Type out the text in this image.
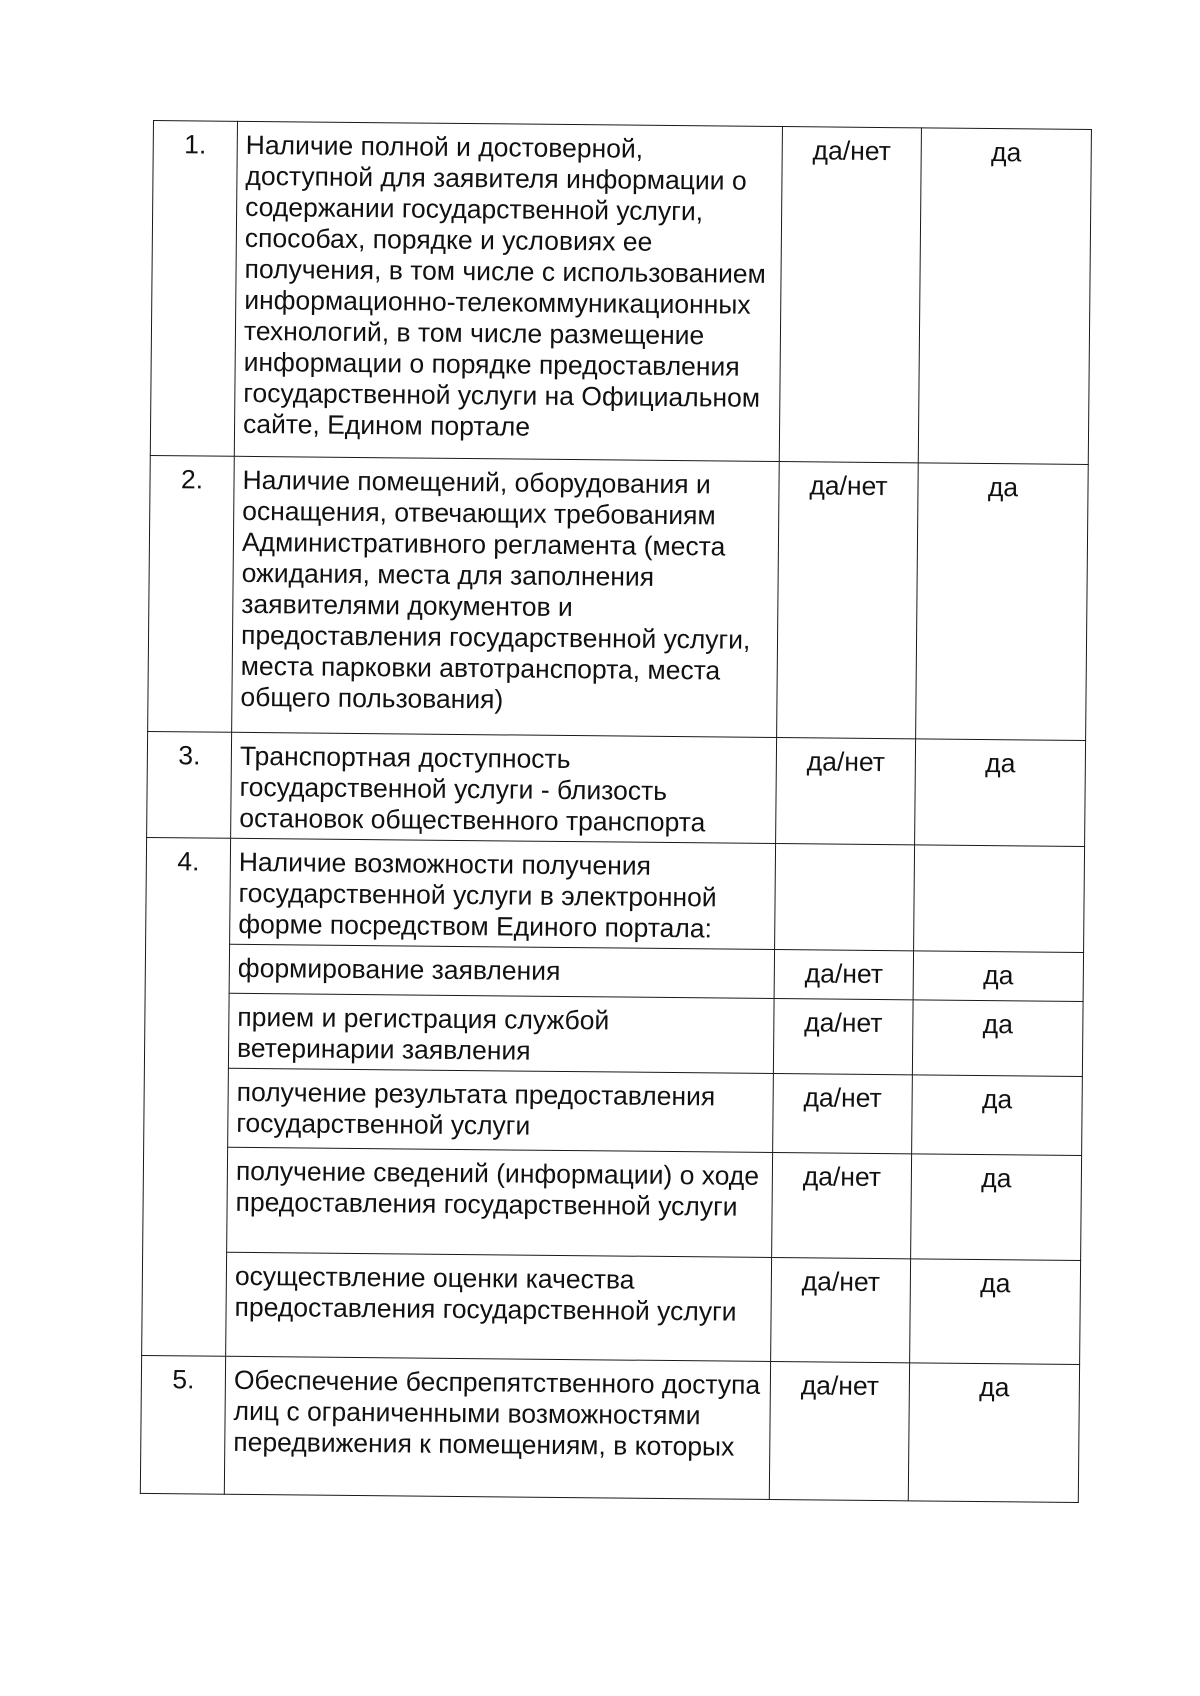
1.	Наличие полной и достоверной, доступной для заявителя информации о содержании государственной услуги, способах, порядке и условиях ее получения, в том числе с использованием информационно-телекоммуникационных технологий, в том числе размещение информации о порядке предоставления государственной услуги на Официальном сайте, Едином портале	да/нет	да
2.	Наличие помещений, оборудования и оснащения, отвечающих требованиям Административного регламента (места ожидания, места для заполнения заявителями документов и предоставления государственной услуги, места парковки автотранспорта, места общего пользования)	да/нет	да
3.	Транспортная доступность государственной услуги - близость остановок общественного транспорта	да/нет	да
4.	Наличие возможности получения государственной услуги в электронной форме посредством Единого портала:		
	формирование заявления	да/нет	да
	прием и регистрация службой ветеринарии заявления	да/нет	да
	получение результата предоставления государственной услуги	да/нет	да
	получение сведений (информации) о ходе предоставления государственной услуги	да/нет	да
	осуществление оценки качества предоставления государственной услуги	да/нет	да
5.	Обеспечение беспрепятственного доступа лиц с ограниченными возможностями передвижения к помещениям, в которых	да/нет	да
